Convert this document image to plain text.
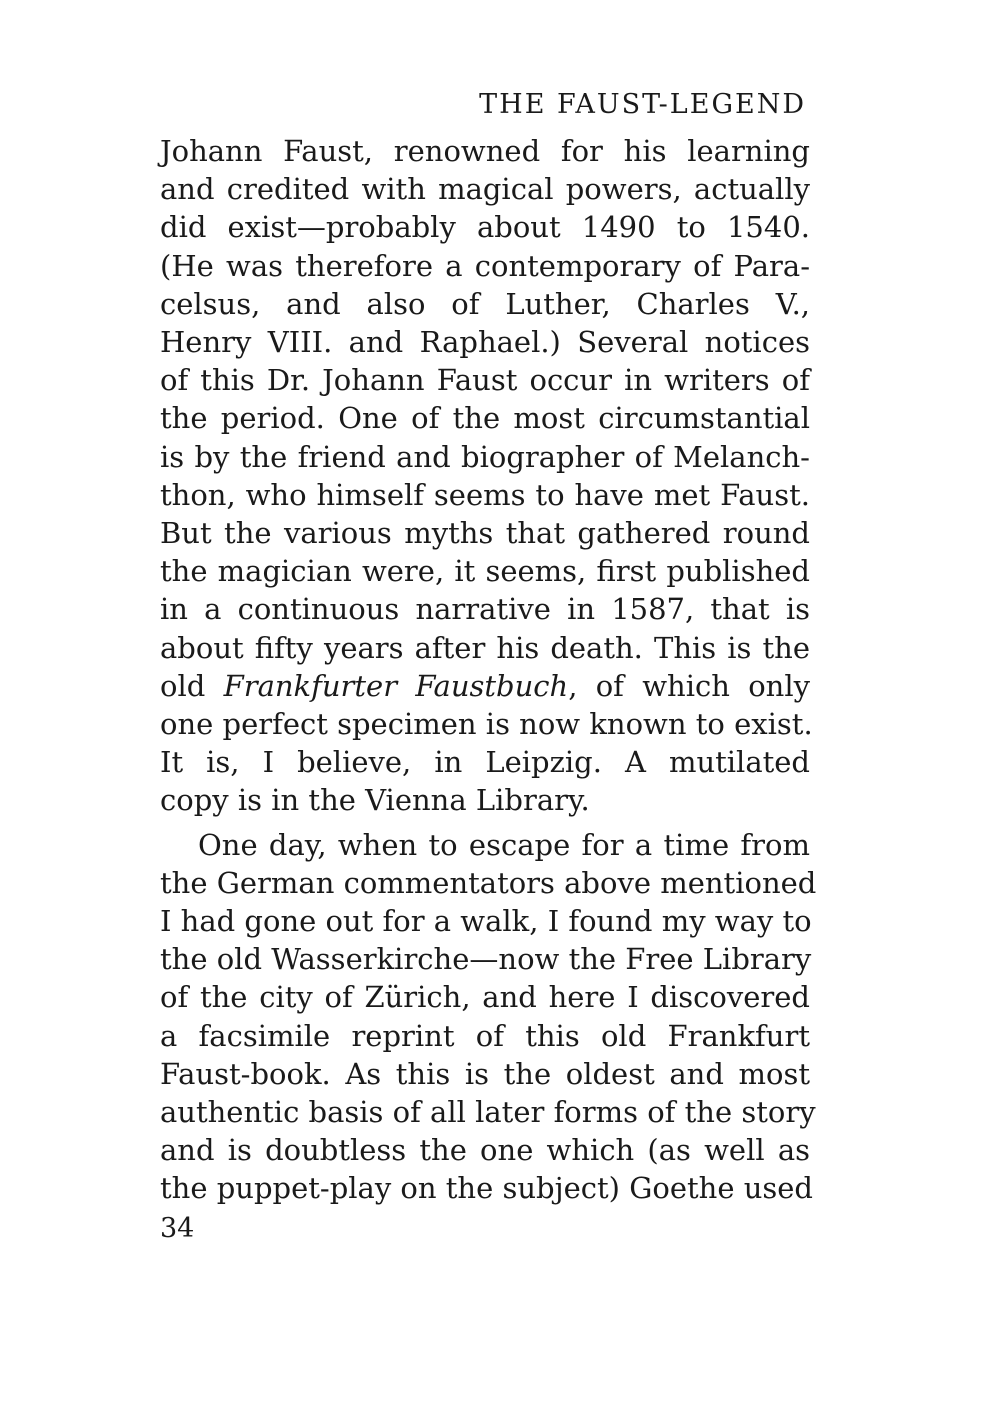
THE FAUST-LEGEND
Johann Faust, renowned for his learning
and credited with magical powers, actually
did exist—probably about 1490 to 1540.
(He was therefore a contemporary of Para-
celsus, and also of Luther, Charles V.,
Henry VIII. and Raphael.) Several notices
of this Dr. Johann Faust occur in writers of
the period. One of the most circumstantial
is by the friend and biographer of Melanch-
thon, who himself seems to have met Faust.
But the various myths that gathered round
the magician were, it seems, first published
in a continuous narrative in 1587, that is
about fifty years after his death. This is the
old Frankfurter Faustbuch, of which only
one perfect specimen is now known to exist.
It is, I believe, in Leipzig. A mutilated
copy is in the Vienna Library.
One day, when to escape for a time from
the German commentators above mentioned
I had gone out for a walk, I found my way to
the old Wasserkirche—now the Free Library
of the city of Zürich, and here I discovered
a facsimile reprint of this old Frankfurt
Faust-book. As this is the oldest and most
authentic basis of all later forms of the story
and is doubtless the one which (as well as
the puppet-play on the subject) Goethe used
34
